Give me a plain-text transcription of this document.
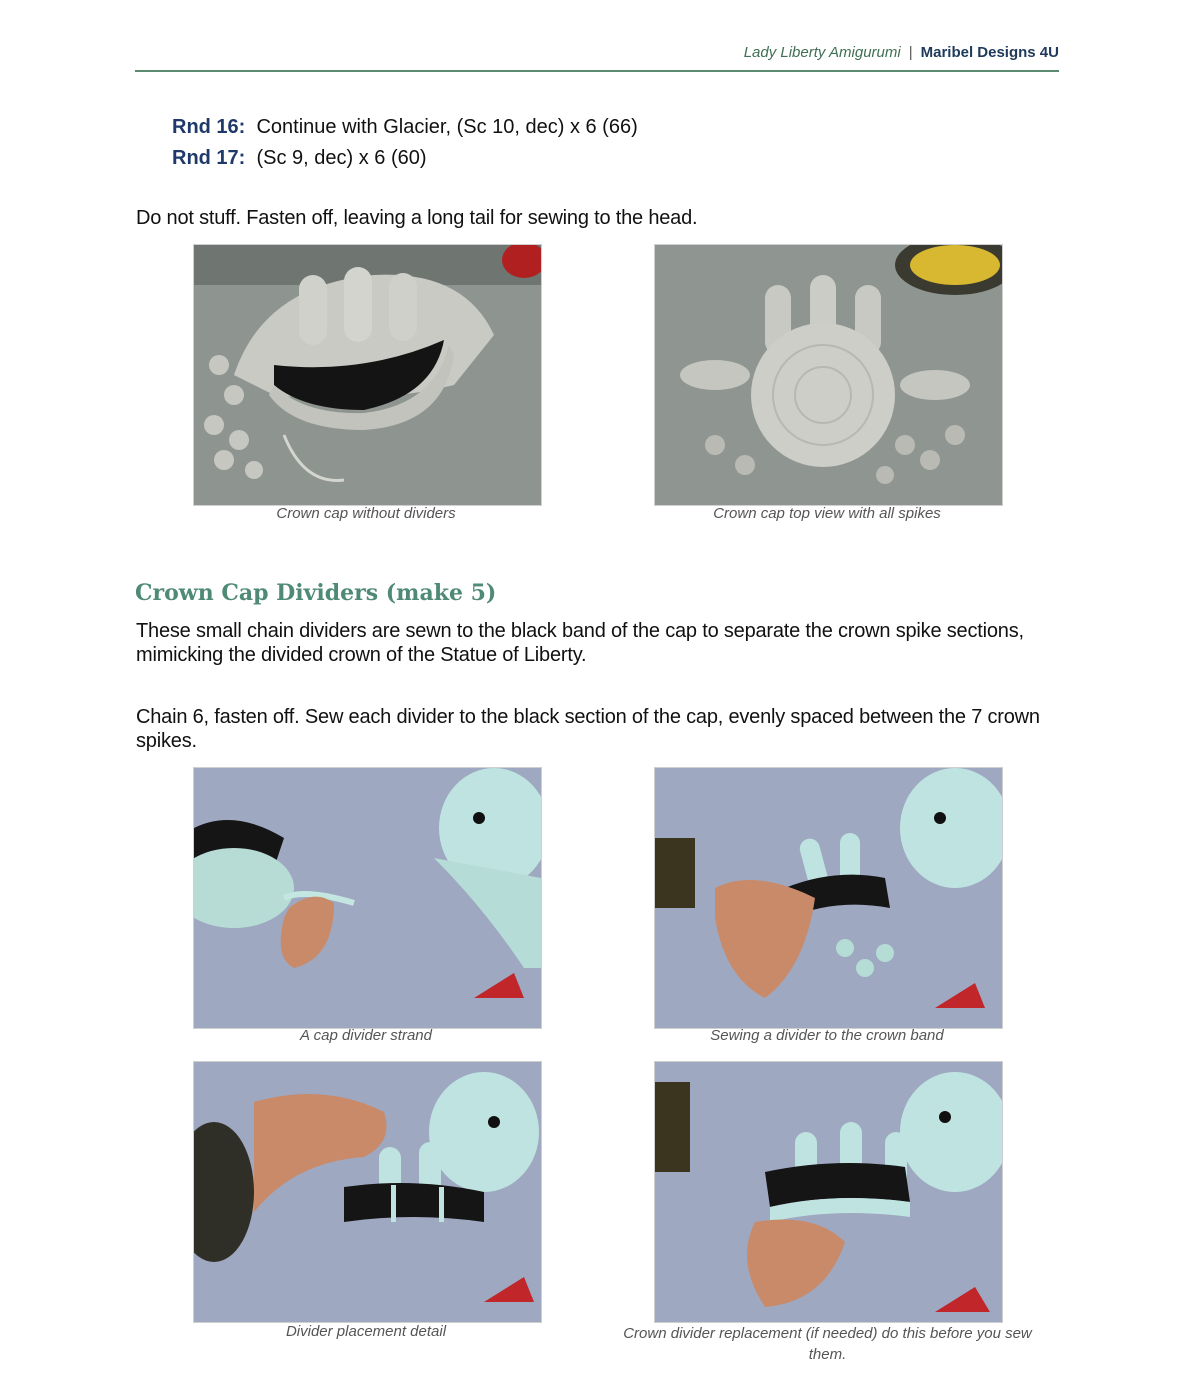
Lady Liberty Amigurumi | Maribel Designs 4U
Rnd 16: Continue with Glacier, (Sc 10, dec) x 6 (66)
Rnd 17: (Sc 9, dec) x 6 (60)
Do not stuff. Fasten off, leaving a long tail for sewing to the head.
Crown cap without dividers	Crown cap top view with all spikes
Crown Cap Dividers (make 5)
These small chain dividers are sewn to the black band of the cap to separate the crown spike sections, mimicking the divided crown of the Statue of Liberty.
Chain 6, fasten off. Sew each divider to the black section of the cap, evenly spaced between the 7 crown spikes.
A cap divider strand	Sewing a divider to the crown band
Divider placement detail	Crown divider replacement (if needed) do this before you sew them.
